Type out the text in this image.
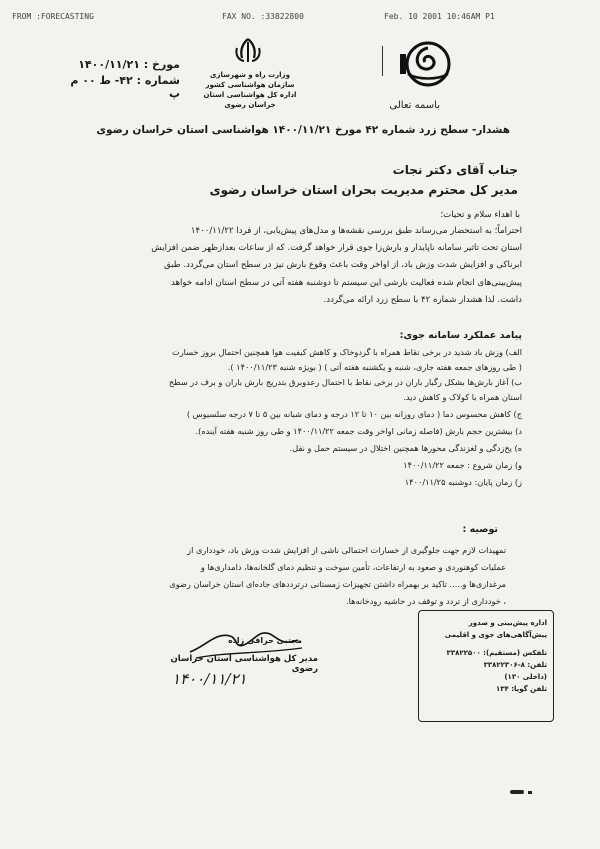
FROM :FORECASTING	FAX NO. :33822800	Feb. 10 2001 10:46AM P1
مورخ : ۱۴۰۰/۱۱/۲۱
شماره : ۴۲- ط ۰۰ م پ
وزارت راه و شهرسازی
سازمان هواشناسی کشور
اداره کل هواشناسی استان خراسان رضوی	باسمه تعالی
هشدار- سطح زرد شماره ۴۲ مورخ ۱۴۰۰/۱۱/۲۱ هواشناسی استان خراسان رضوی
جناب آقای دکتر نجات
مدیر کل محترم مدیریت بحران استان خراسان رضوی
با اهداء سلام و تحیات؛
احتراماً؛ به استحضار می‌رساند طبق بررسی نقشه‌ها و مدل‌های پیش‌یابی، از فردا ۱۴۰۰/۱۱/۲۲
استان تحت تاثیر سامانه ناپایدار و بارش‌زا جوی قرار خواهد گرفت. که از ساعات بعدازظهر ضمن افزایش
ابرناکی و افزایش شدت وزش باد، از اواخر وقت باعث وقوع بارش نیز در سطح استان می‌گردد. طبق
پیش‌بینی‌های انجام شده فعالیت بارشی این سیستم تا دوشنبه هفته آتی در سطح استان ادامه خواهد
داشت. لذا هشدار شماره ۴۲ با سطح زرد ارائه می‌گردد.
پیامد عملکرد سامانه جوی:
الف) وزش باد شدید در برخی نقاط همراه با گردوخاک و کاهش کیفیت هوا همچنین احتمال بروز خسارت
( طی روزهای جمعه هفته جاری، شنبه و یکشنبه هفته آتی ) ( بویژه شنبه ۱۴۰۰/۱۱/۲۳ ).
ب) آغاز بارش‌ها بشکل رگبار باران در برخی نقاط با احتمال رعدوبرق بتدریج بارش باران و برف در سطح
استان همراه با کولاک و کاهش دید.
ج) کاهش محسوس دما ( دمای روزانه بین ۱۰ تا ۱۲ درجه و دمای شبانه بین ۵ تا ۷ درجه سلسیوس )
د) بیشترین حجم بارش (فاصله زمانی اواخر وقت جمعه ۱۴۰۰/۱۱/۲۲ و طی روز شنبه هفته آینده).
ه) یخ‌زدگی و لغزندگی محورها همچنین اختلال در سیستم حمل و نقل.
و) زمان شروع : جمعه ۱۴۰۰/۱۱/۲۲
ز) زمان پایان: دوشنبه ۱۴۰۰/۱۱/۲۵
توصیه :
تمهیدات لازم جهت جلوگیری از خسارات احتمالی ناشی از افزایش شدت وزش باد، خودداری از
عملیات کوهنوردی و صعود به ارتفاعات، تأمین سوخت و تنظیم دمای گلخانه‌ها، دامداری‌ها و
مرغداری‌ها و..... تاکید بر بهمراه داشتن تجهیزات زمستانی درترددهای جاده‌ای استان خراسان رضوی
، خودداری از تردد و توقف در حاشیه رودخانه‌ها.
مجتبی حرافی زاده
مدیر کل هواشناسی استان خراسان رضوی
۱۴۰۰/۱۱/۲۱
اداره پیش‌بینی و صدور
پیش‌آگاهی‌های جوی و اقلیمی
تلفکس (مستقیم): ۳۳۸۲۲۵۰۰
تلفن: ۸-۳۳۸۲۲۳۰۶
(داخلی ۱۳۰)
تلفن گویا: ۱۳۴
